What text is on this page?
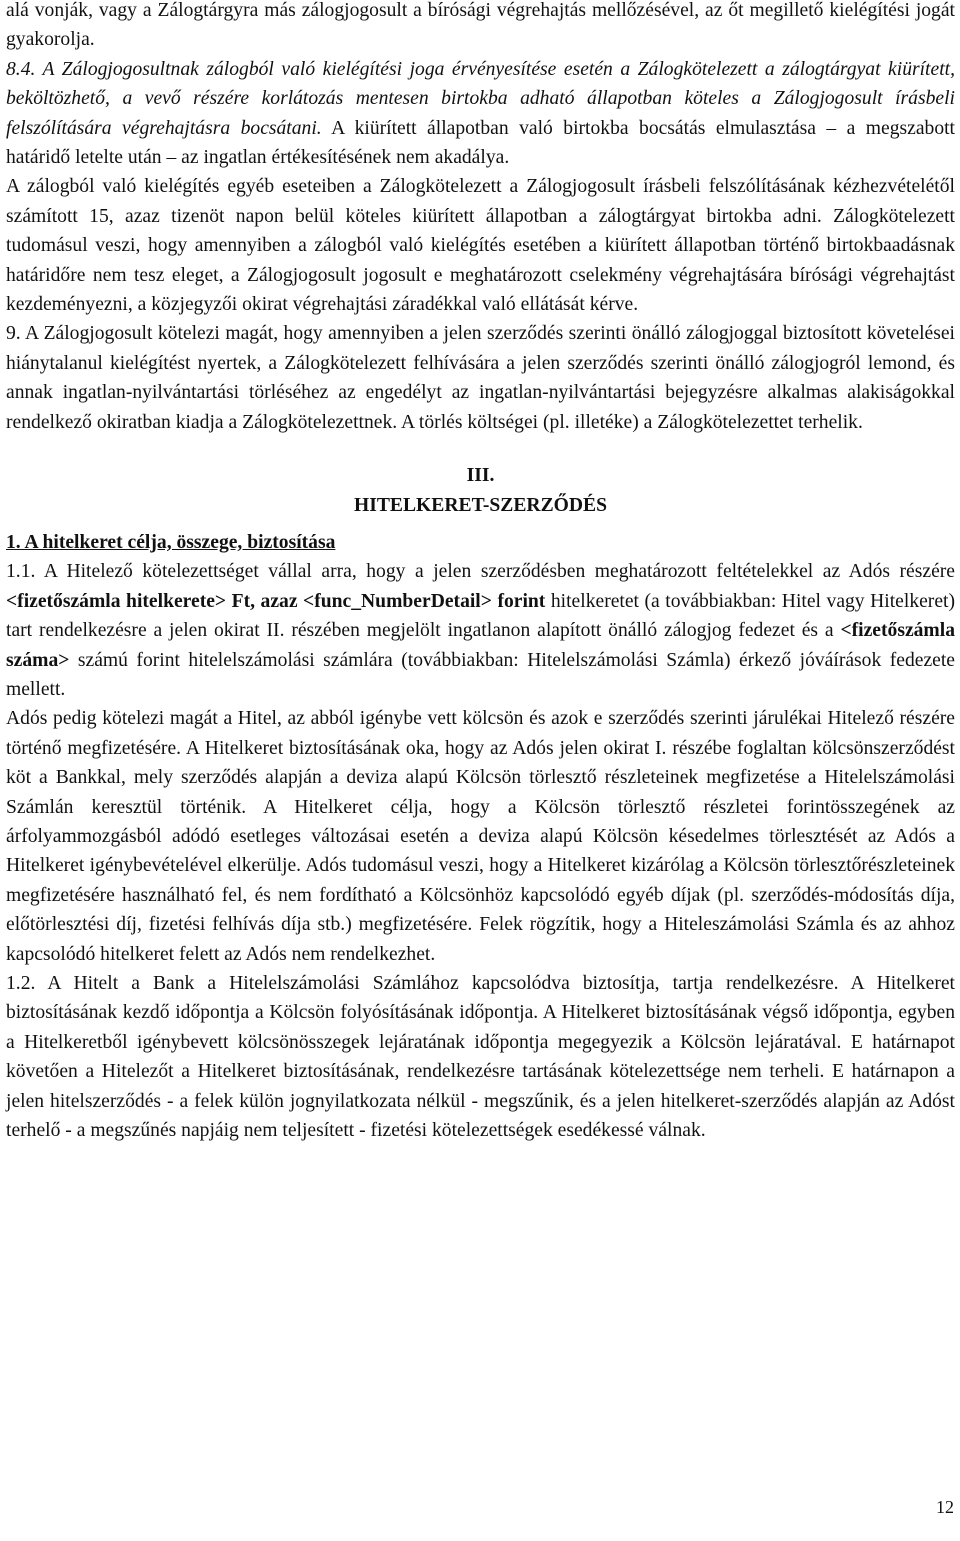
alá vonják, vagy a Zálogtárgyra más zálogjogosult a bírósági végrehajtás mellőzésével, az őt megillető kielégítési jogát gyakorolja.

8.4. A Zálogjogosultnak zálogból való kielégítési joga érvényesítése esetén a Zálogkötelezett a zálogtárgyat kiürített, beköltözhető, a vevő részére korlátozás mentesen birtokba adható állapotban köteles a Zálogjogosult írásbeli felszólítására végrehajtásra bocsátani. A kiürített állapotban való birtokba bocsátás elmulasztása – a megszabott határidő letelte után – az ingatlan értékesítésének nem akadálya.

A zálogból való kielégítés egyéb eseteiben a Zálogkötelezett a Zálogjogosult írásbeli felszólításának kézhezvételétől számított 15, azaz tizenöt napon belül köteles kiürített állapotban a zálogtárgyat birtokba adni. Zálogkötelezett tudomásul veszi, hogy amennyiben a zálogból való kielégítés esetében a kiürített állapotban történő birtokbaadásnak határidőre nem tesz eleget, a Zálogjogosult jogosult e meghatározott cselekmény végrehajtására bírósági végrehajtást kezdeményezni, a közjegyzői okirat végrehajtási záradékkal való ellátását kérve.

9. A Zálogjogosult kötelezi magát, hogy amennyiben a jelen szerződés szerinti önálló zálogjoggal biztosított követelései hiánytalanul kielégítést nyertek, a Zálogkötelezett felhívására a jelen szerződés szerinti önálló zálogjogról lemond, és annak ingatlan-nyilvántartási törléséhez az engedélyt az ingatlan-nyilvántartási bejegyzésre alkalmas alakiságokkal rendelkező okiratban kiadja a Zálogkötelezettnek. A törlés költségei (pl. illetéke) a Zálogkötelezettet terhelik.

III.
HITELKERET-SZERZŐDÉS

1. A hitelkeret célja, összege, biztosítása

1.1. A Hitelező kötelezettséget vállal arra, hogy a jelen szerződésben meghatározott feltételekkel az Adós részére <fizetőszámla hitelkerete> Ft, azaz <func_NumberDetail> forint hitelkeretet (a továbbiakban: Hitel vagy Hitelkeret) tart rendelkezésre a jelen okirat II. részében megjelölt ingatlanon alapított önálló zálogjog fedezet és a <fizetőszámla száma> számú forint hitelelszámolási számlára (továbbiakban: Hitelelszámolási Számla) érkező jóváírások fedezete mellett.

Adós pedig kötelezi magát a Hitel, az abból igénybe vett kölcsön és azok e szerződés szerinti járulékai Hitelező részére történő megfizetésére. A Hitelkeret biztosításának oka, hogy az Adós jelen okirat I. részébe foglaltan kölcsönszerződést köt a Bankkal, mely szerződés alapján a deviza alapú Kölcsön törlesztő részleteinek megfizetése a Hitelelszámolási Számlán keresztül történik. A Hitelkeret célja, hogy a Kölcsön törlesztő részletei forintösszegének az árfolyammozgásból adódó esetleges változásai esetén a deviza alapú Kölcsön késedelmes törlesztését az Adós a Hitelkeret igénybevételével elkerülje. Adós tudomásul veszi, hogy a Hitelkeret kizárólag a Kölcsön törlesztőrészleteinek megfizetésére használható fel, és nem fordítható a Kölcsönhöz kapcsolódó egyéb díjak (pl. szerződés-módosítás díja, előtörlesztési díj, fizetési felhívás díja stb.) megfizetésére. Felek rögzítik, hogy a Hiteleszámolási Számla és az ahhoz kapcsolódó hitelkeret felett az Adós nem rendelkezhet.

1.2. A Hitelt a Bank a Hitelelszámolási Számlához kapcsolódva biztosítja, tartja rendelkezésre. A Hitelkeret biztosításának kezdő időpontja a Kölcsön folyósításának időpontja. A Hitelkeret biztosításának végső időpontja, egyben a Hitelkeretből igénybevett kölcsönösszegek lejáratának időpontja megegyezik a Kölcsön lejáratával. E határnapot követően a Hitelezőt a Hitelkeret biztosításának, rendelkezésre tartásának kötelezettsége nem terheli. E határnapon a jelen hitelszerződés - a felek külön jognyilatkozata nélkül - megszűnik, és a jelen hitelkeret-szerződés alapján az Adóst terhelő - a megszűnés napjáig nem teljesített - fizetési kötelezettségek esedékessé válnak.

12
